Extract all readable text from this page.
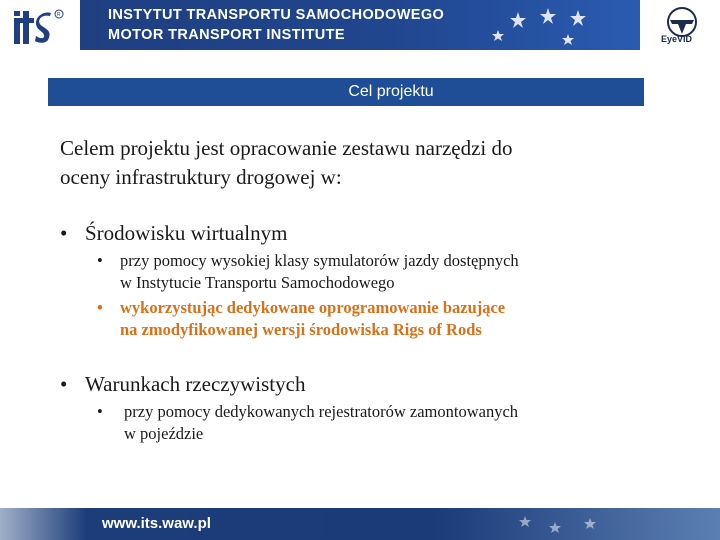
R	INSTYTUT TRANSPORTU SAMOCHODOWEGO
MOTOR TRANSPORT INSTITUTE	EyeVID
Cel projektu
Celem projektu jest opracowanie zestawu narzędzi do
oceny infrastruktury drogowej w:
• Środowisku wirtualnym
•	przy pomocy wysokiej klasy symulatorów jazdy dostępnych
w Instytucie Transportu Samochodowego
•	wykorzystując dedykowane oprogramowanie bazujące
na zmodyfikowanej wersji środowiska Rigs of Rods
• Warunkach rzeczywistych
•	przy pomocy dedykowanych rejestratorów zamontowanych
w pojeździe
www.its.waw.pl
